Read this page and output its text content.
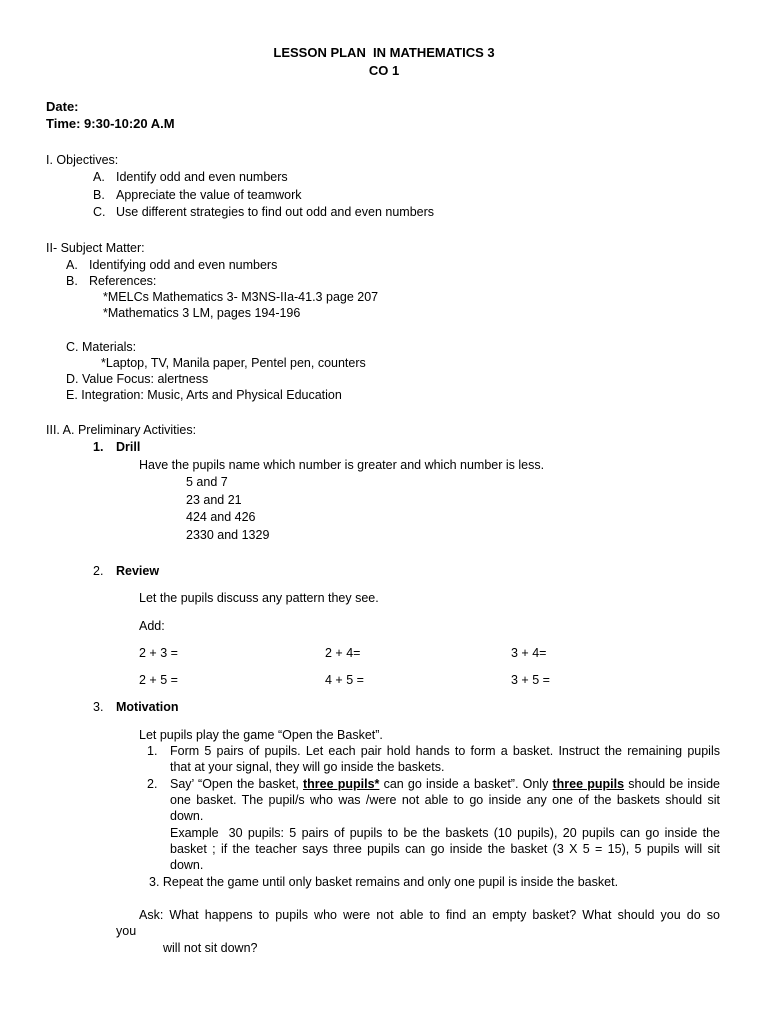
LESSON PLAN  IN MATHEMATICS 3
CO 1
Date:
Time: 9:30-10:20 A.M
I. Objectives:
A. Identify odd and even numbers
B. Appreciate the value of teamwork
C. Use different strategies to find out odd and even numbers
II- Subject Matter:
A. Identifying odd and even numbers
B. References:
*MELCs Mathematics 3- M3NS-IIa-41.3 page 207
*Mathematics 3 LM, pages 194-196
C. Materials:
*Laptop, TV, Manila paper, Pentel pen, counters
D. Value Focus: alertness
E. Integration: Music, Arts and Physical Education
III. A. Preliminary Activities:
1. Drill
Have the pupils name which number is greater and which number is less.
5 and 7
23 and 21
424 and 426
2330 and 1329
2. Review
Let the pupils discuss any pattern they see.
Add:
2 + 3 =	2 + 4=	3 + 4=
2 + 5 =	4 + 5 =	3 + 5 =
3. Motivation
Let pupils play the game “Open the Basket”.
1. Form 5 pairs of pupils. Let each pair hold hands to form a basket. Instruct the remaining pupils
that at your signal, they will go inside the baskets.
2. Say’ “Open the basket, three pupils* can go inside a basket”. Only three pupils should be inside
one basket. The pupil/s who was /were not able to go inside any one of the baskets should sit
down.
Example 30 pupils: 5 pairs of pupils to be the baskets (10 pupils), 20 pupils can go inside the
basket ; if the teacher says three pupils can go inside the basket (3 X 5 = 15), 5 pupils will sit
down.
3. Repeat the game until only basket remains and only one pupil is inside the basket.
Ask: What happens to pupils who were not able to find an empty basket? What should you do so
you
will not sit down?
